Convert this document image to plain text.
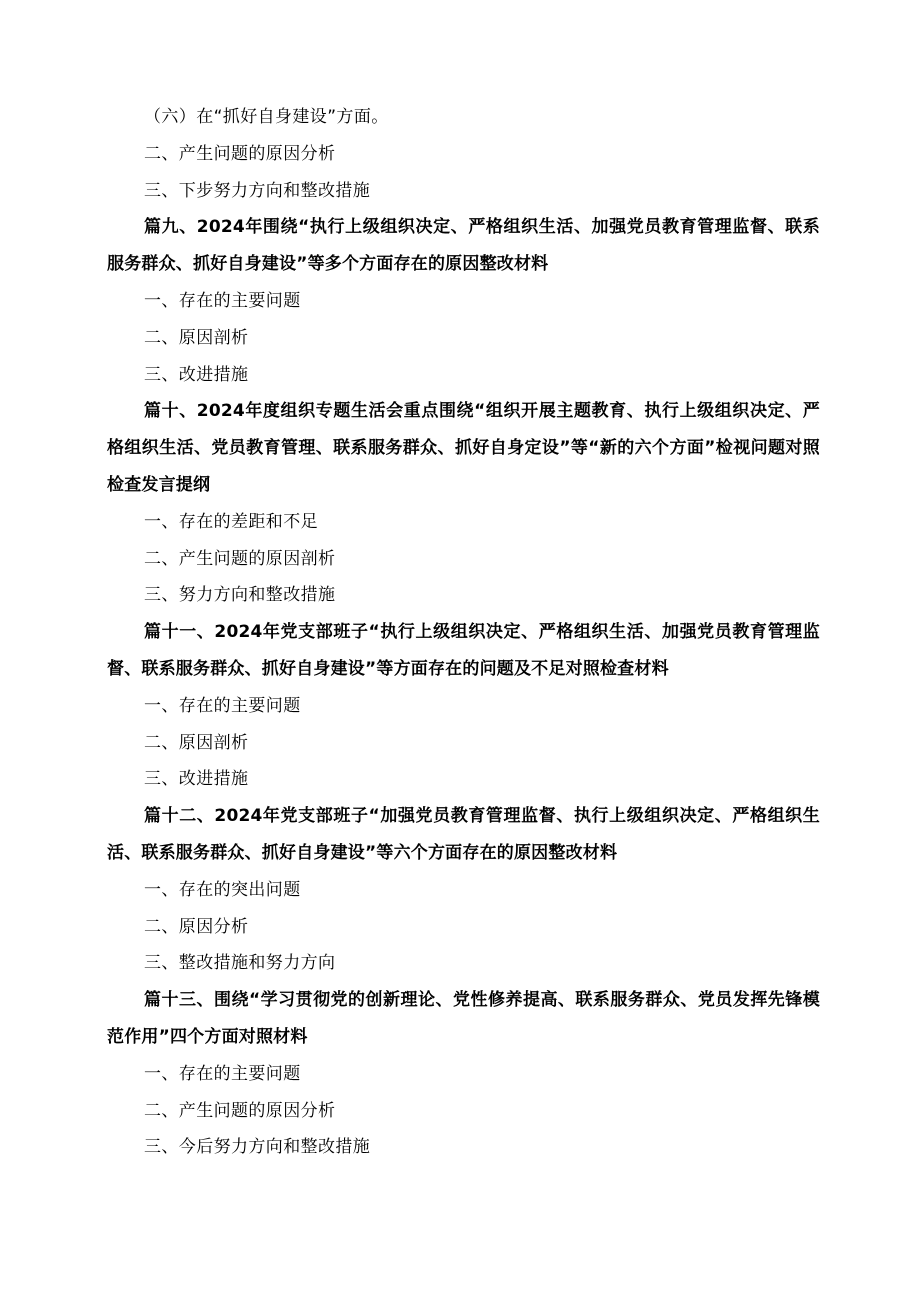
（六）在“抓好自身建设”方面。
二、产生问题的原因分析
三、下步努力方向和整改措施
篇九、2024年围绕“执行上级组织决定、严格组织生活、加强党员教育管理监督、联系服务群众、抓好自身建设”等多个方面存在的原因整改材料
一、存在的主要问题
二、原因剖析
三、改进措施
篇十、2024年度组织专题生活会重点围绕“组织开展主题教育、执行上级组织决定、严格组织生活、党员教育管理、联系服务群众、抓好自身定设”等“新的六个方面”检视问题对照检查发言提纲
一、存在的差距和不足
二、产生问题的原因剖析
三、努力方向和整改措施
篇十一、2024年党支部班子“执行上级组织决定、严格组织生活、加强党员教育管理监督、联系服务群众、抓好自身建设”等方面存在的问题及不足对照检查材料
一、存在的主要问题
二、原因剖析
三、改进措施
篇十二、2024年党支部班子“加强党员教育管理监督、执行上级组织决定、严格组织生活、联系服务群众、抓好自身建设”等六个方面存在的原因整改材料
一、存在的突出问题
二、原因分析
三、整改措施和努力方向
篇十三、围绕“学习贯彻党的创新理论、党性修养提高、联系服务群众、党员发挥先锋模范作用”四个方面对照材料
一、存在的主要问题
二、产生问题的原因分析
三、今后努力方向和整改措施
